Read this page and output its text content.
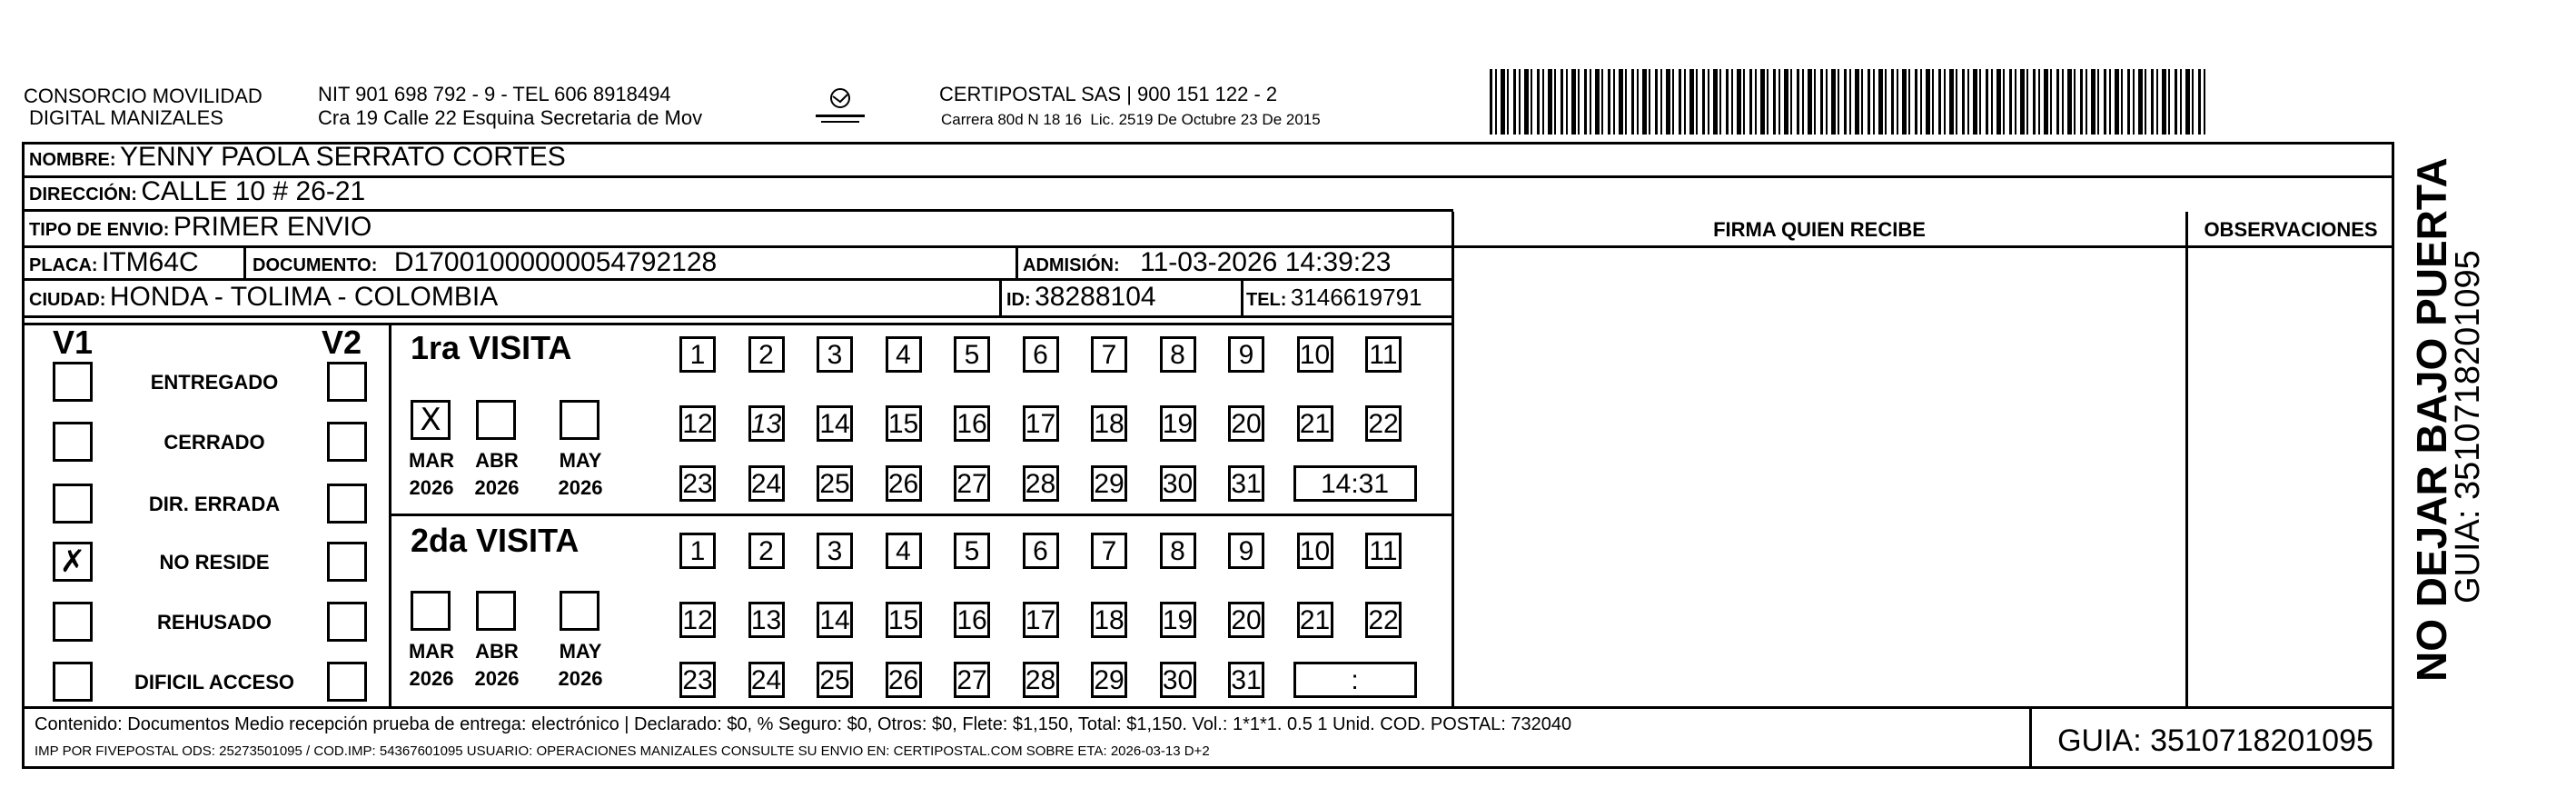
CONSORCIO MOVILIDAD
DIGITAL MANIZALES
NIT 901 698 792 - 9 - TEL 606 8918494
Cra 19 Calle 22 Esquina Secretaria de Mov
CERTIPOSTAL SAS | 900 151 122 - 2
Carrera 80d N 18 16  Lic. 2519 De Octubre 23 De 2015
NOMBRE: YENNY PAOLA SERRATO CORTES
DIRECCIÓN: CALLE 10 # 26-21
TIPO DE ENVIO: PRIMER ENVIO
PLACA: ITM64C	DOCUMENTO: D17001000000054792128	ADMISIÓN: 11-03-2026 14:39:23
CIUDAD: HONDA - TOLIMA - COLOMBIA	ID: 38288104	TEL: 3146619791
FIRMA QUIEN RECIBE	OBSERVACIONES
V1	V2
ENTREGADO
CERRADO
DIR. ERRADA
✗	NO RESIDE
REHUSADO
DIFICIL ACCESO
1ra VISITA
X
MAR
2026
ABR
2026
MAY
2026
1	2	3	4	5	6	7	8	9	10 11
12 13 14 15 16 17 18 19 20 21 22
23 24 25 26 27 28 29 30 31	14:31
2da VISITA
MAR
2026
ABR
2026
MAY
2026
1	2	3	4	5	6	7	8	9	10 11
12 13 14 15 16 17 18 19 20 21 22
23 24 25 26 27 28 29 30 31	:
Contenido: Documentos Medio recepción prueba de entrega: electrónico | Declarado: $0, % Seguro: $0, Otros: $0, Flete: $1,150, Total: $1,150. Vol.: 1*1*1. 0.5 1 Unid. COD. POSTAL: 732040
IMP POR FIVEPOSTAL ODS: 25273501095 / COD.IMP: 54367601095 USUARIO: OPERACIONES MANIZALES CONSULTE SU ENVIO EN: CERTIPOSTAL.COM SOBRE ETA: 2026-03-13 D+2	GUIA: 3510718201095
NO DEJAR BAJO PUERTA
GUIA: 3510718201095
